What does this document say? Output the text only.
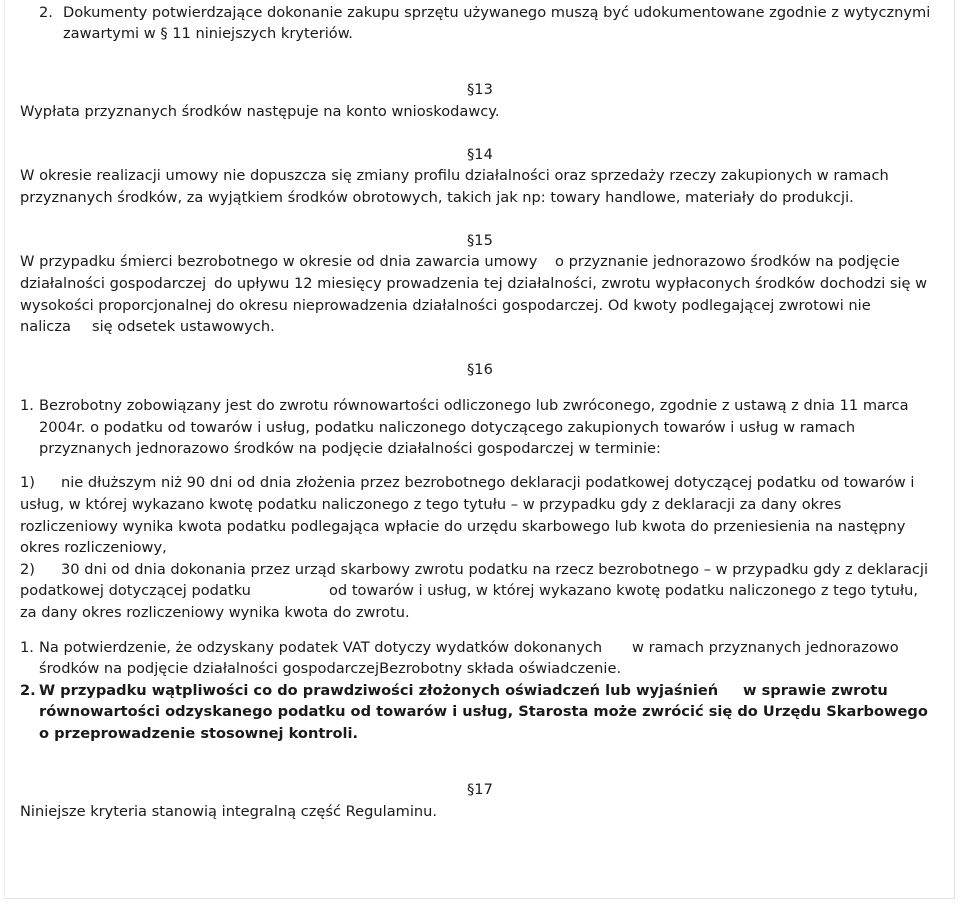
2. Dokumenty potwierdzające dokonanie zakupu sprzętu używanego muszą być udokumentowane zgodnie z wytycznymi
zawartymi w § 11 niniejszych kryteriów.
§13
Wypłata przyznanych środków następuje na konto wnioskodawcy.
§14
W okresie realizacji umowy nie dopuszcza się zmiany profilu działalności oraz sprzedaży rzeczy zakupionych w ramach
przyznanych środków, za wyjątkiem środków obrotowych, takich jak np: towary handlowe, materiały do produkcji.
§15
W przypadku śmierci bezrobotnego w okresie od dnia zawarcia umowy o przyznanie jednorazowo środków na podjęcie
działalności gospodarczej do upływu 12 miesięcy prowadzenia tej działalności, zwrotu wypłaconych środków dochodzi się w
wysokości proporcjonalnej do okresu nieprowadzenia działalności gospodarczej. Od kwoty podlegającej zwrotowi nie
nalicza się odsetek ustawowych.
§16
1. Bezrobotny zobowiązany jest do zwrotu równowartości odliczonego lub zwróconego, zgodnie z ustawą z dnia 11 marca
2004r. o podatku od towarów i usług, podatku naliczonego dotyczącego zakupionych towarów i usług w ramach
przyznanych jednorazowo środków na podjęcie działalności gospodarczej w terminie:
1) nie dłuższym niż 90 dni od dnia złożenia przez bezrobotnego deklaracji podatkowej dotyczącej podatku od towarów i
usług, w której wykazano kwotę podatku naliczonego z tego tytułu – w przypadku gdy z deklaracji za dany okres
rozliczeniowy wynika kwota podatku podlegająca wpłacie do urzędu skarbowego lub kwota do przeniesienia na następny
okres rozliczeniowy,
2) 30 dni od dnia dokonania przez urząd skarbowy zwrotu podatku na rzecz bezrobotnego – w przypadku gdy z deklaracji
podatkowej dotyczącej podatku	od towarów i usług, w której wykazano kwotę podatku naliczonego z tego tytułu,
za dany okres rozliczeniowy wynika kwota do zwrotu.
1. Na potwierdzenie, że odzyskany podatek VAT dotyczy wydatków dokonanych w ramach przyznanych jednorazowo
środków na podjęcie działalności gospodarczejBezrobotny składa oświadczenie.
2. W przypadku wątpliwości co do prawdziwości złożonych oświadczeń lub wyjaśnień w sprawie zwrotu
równowartości odzyskanego podatku od towarów i usług, Starosta może zwrócić się do Urzędu Skarbowego
o przeprowadzenie stosownej kontroli.
§17
Niniejsze kryteria stanowią integralną część Regulaminu.
